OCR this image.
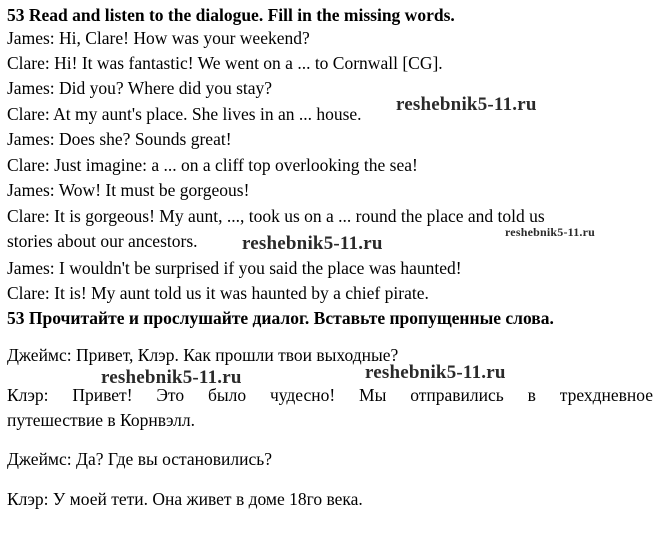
53 Read and listen to the dialogue. Fill in the missing words.
James: Hi, Clare! How was your weekend?
Clare: Hi! It was fantastic! We went on a ... to Cornwall [CG].
James: Did you? Where did you stay?
Clare: At my aunt's place. She lives in an ... house.
James: Does she? Sounds great!
Clare: Just imagine: a ... on a cliff top overlooking the sea!
James: Wow! It must be gorgeous!
Clare: It is gorgeous! My aunt, ..., took us on a ... round the place and told us
stories about our ancestors.
James: I wouldn't be surprised if you said the place was haunted!
Clare: It is! My aunt told us it was haunted by a chief pirate.
53 Прочитайте и прослушайте диалог. Вставьте пропущенные слова.
Джеймс: Привет, Клэр. Как прошли твои выходные?
Клэр: Привет! Это было чудесно! Мы отправились в трехдневное
путешествие в Корнвэлл.
Джеймс: Да? Где вы остановились?
Клэр: У моей тети. Она живет в доме 18го века.
reshebnik5-11.ru
reshebnik5-11.ru
reshebnik5-11.ru
reshebnik5-11.ru	reshebnik5-11.ru
